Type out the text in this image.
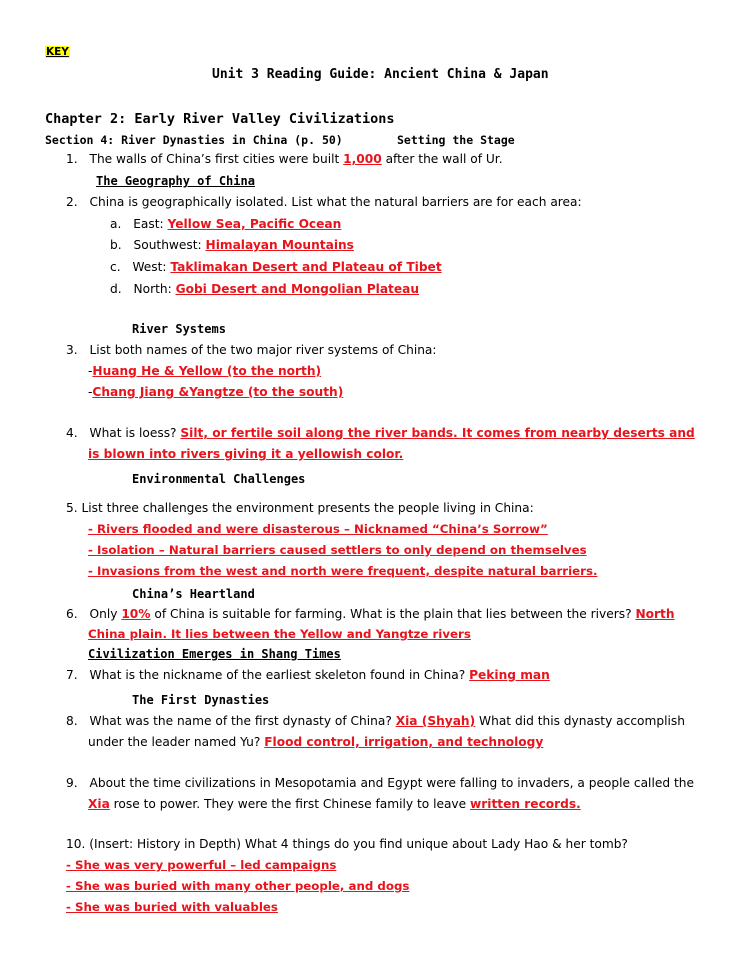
KEY
Unit 3 Reading Guide: Ancient China & Japan
Chapter 2: Early River Valley Civilizations
Section 4: River Dynasties in China (p. 50)	Setting the Stage
1. The walls of China’s first cities were built 1,000 after the wall of Ur.
The Geography of China
2. China is geographically isolated. List what the natural barriers are for each area:
a. East: Yellow Sea, Pacific Ocean
b. Southwest: Himalayan Mountains
c. West: Taklimakan Desert and Plateau of Tibet
d. North: Gobi Desert and Mongolian Plateau
River Systems
3. List both names of the two major river systems of China:
-Huang He & Yellow (to the north)
-Chang Jiang &Yangtze (to the south)
4. What is loess? Silt, or fertile soil along the river bands. It comes from nearby deserts and
is blown into rivers giving it a yellowish color.
Environmental Challenges
5. List three challenges the environment presents the people living in China:
- Rivers flooded and were disasterous – Nicknamed “China’s Sorrow”
- Isolation – Natural barriers caused settlers to only depend on themselves
- Invasions from the west and north were frequent, despite natural barriers.
China’s Heartland
6. Only 10% of China is suitable for farming. What is the plain that lies between the rivers? North
China plain. It lies between the Yellow and Yangtze rivers
Civilization Emerges in Shang Times
7. What is the nickname of the earliest skeleton found in China? Peking man
The First Dynasties
8. What was the name of the first dynasty of China? Xia (Shyah) What did this dynasty accomplish
under the leader named Yu? Flood control, irrigation, and technology
9. About the time civilizations in Mesopotamia and Egypt were falling to invaders, a people called the
Xia rose to power. They were the first Chinese family to leave written records.
10. (Insert: History in Depth) What 4 things do you find unique about Lady Hao & her tomb?
- She was very powerful – led campaigns
- She was buried with many other people, and dogs
- She was buried with valuables
